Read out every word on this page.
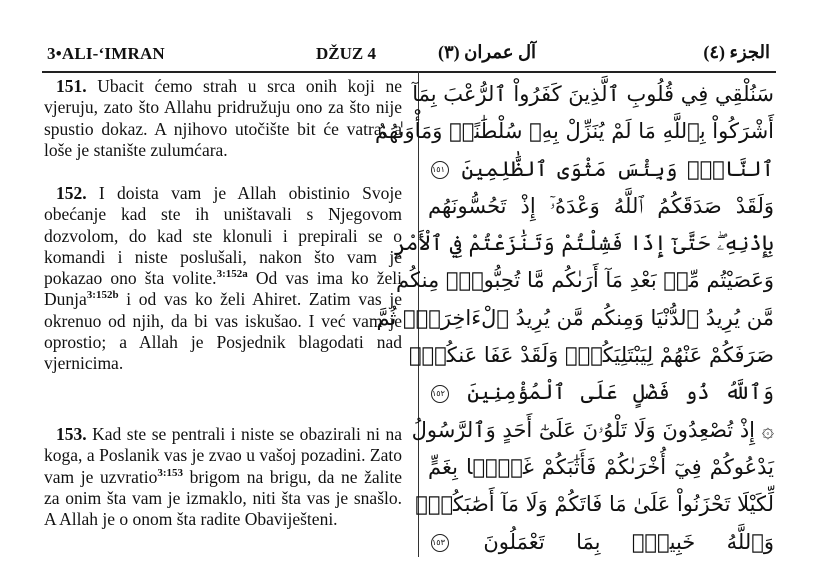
3•ALI-‘IMRAN	DŽUZ 4	آل عمران (٣)	الجزء (٤)

151. Ubacit ćemo strah u srca onih koji ne vjeruju, zato što Allahu pridružuju ono za što nije spustio dokaz. A njihovo utočište bit će vatra; a loše je stanište zulumćara.

152. I doista vam je Allah obistinio Svoje obećanje kad ste ih uništavali s Njegovom dozvolom, do kad ste klonuli i prepirali se o komandi i niste poslušali, nakon što vam je pokazao ono šta volite.$^{3:152a}$ Od vas ima ko želi Dunja$^{3:152b}$ i od vas ko želi Ahiret. Zatim vas je okrenuo od njih, da bi vas iskušao. I već vam je oprostio; a Allah je Posjednik blagodati nad vjernicima.

153. Kad ste se pentrali i niste se obazirali ni na koga, a Poslanik vas je zvao u vašoj pozadini. Zato vam je uzvratio$^{3:153}$ brigom na brigu, da ne žalite za onim šta vam je izmaklo, niti šta vas je snašlo. A Allah je o onom šta radite Obaviješteni.

سَنُلْقِي فِي قُلُوبِ ٱلَّذِينَ كَفَرُواْ ٱلرُّعْبَ بِمَآ
أَشْرَكُواْ بِٱللَّهِ مَا لَمْ يُنَزِّلْ بِهِۦ سُلْطَٰنًاۖ وَمَأْوَىٰهُمُ
ٱلنَّارُۖ وَبِئْسَ مَثْوَى ٱلظَّٰلِمِينَ ١٥١
وَلَقَدْ صَدَقَكُمُ ٱللَّهُ وَعْدَهُۥٓ إِذْ تَحُسُّونَهُم
بِإِذْنِهِۦۖ حَتَّىٰٓ إِذَا فَشِلْتُمْ وَتَنَٰزَعْتُمْ فِي ٱلْأَمْرِ
وَعَصَيْتُم مِّنۢ بَعْدِ مَآ أَرَىٰكُم مَّا تُحِبُّونَۚ مِنكُم
مَّن يُرِيدُ ٱلدُّنْيَا وَمِنكُم مَّن يُرِيدُ ٱلْءَاخِرَةَۚ ثُمَّ
صَرَفَكُمْ عَنْهُمْ لِيَبْتَلِيَكُمْۖ وَلَقَدْ عَفَا عَنكُمْۗ
وَٱللَّهُ ذُو فَضْلٍ عَلَى ٱلْمُؤْمِنِينَ ١٥٢
۞ إِذْ تُصْعِدُونَ وَلَا تَلْوُۥنَ عَلَىٰٓ أَحَدٍ وَٱلرَّسُولُ
يَدْعُوكُمْ فِيٓ أُخْرَىٰكُمْ فَأَثَٰبَكُمْ غَمَّۢا بِغَمٍّ
لِّكَيْلَا تَحْزَنُواْ عَلَىٰ مَا فَاتَكُمْ وَلَا مَآ أَصَٰبَكُمْۗ
وَٱللَّهُ خَبِيرُۢ بِمَا تَعْمَلُونَ ١٥٣
